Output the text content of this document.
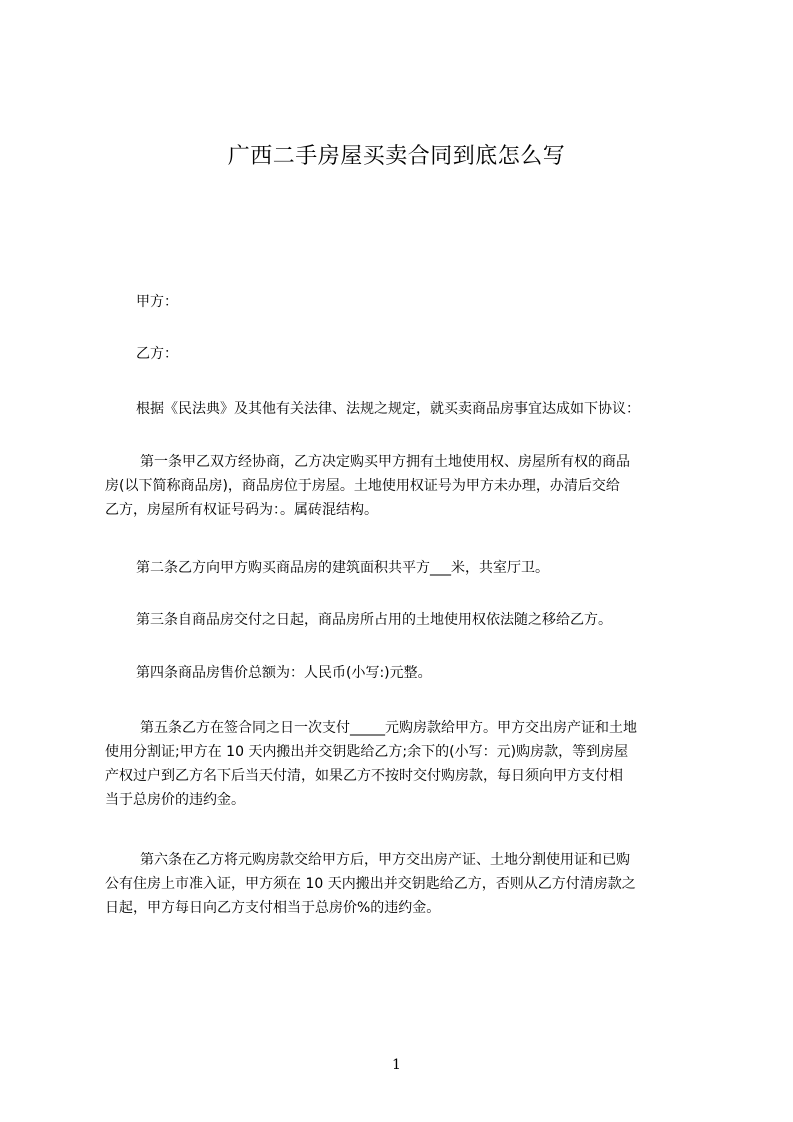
广西二手房屋买卖合同到底怎么写
甲方：
乙方：
根据《民法典》及其他有关法律、法规之规定，就买卖商品房事宜达成如下协议：
第一条甲乙双方经协商，乙方决定购买甲方拥有土地使用权、房屋所有权的商品
房(以下简称商品房)，商品房位于房屋。土地使用权证号为甲方未办理，办清后交给
乙方，房屋所有权证号码为：。属砖混结构。
第二条乙方向甲方购买商品房的建筑面积共平方___米，共室厅卫。
第三条自商品房交付之日起，商品房所占用的土地使用权依法随之移给乙方。
第四条商品房售价总额为：人民币(小写:)元整。
第五条乙方在签合同之日一次支付_____元购房款给甲方。甲方交出房产证和土地
使用分割证;甲方在 10 天内搬出并交钥匙给乙方;余下的(小写：元)购房款，等到房屋
产权过户到乙方名下后当天付清，如果乙方不按时交付购房款，每日须向甲方支付相
当于总房价的违约金。
第六条在乙方将元购房款交给甲方后，甲方交出房产证、土地分割使用证和已购
公有住房上市准入证，甲方须在 10 天内搬出并交钥匙给乙方，否则从乙方付清房款之
日起，甲方每日向乙方支付相当于总房价%的违约金。
1
